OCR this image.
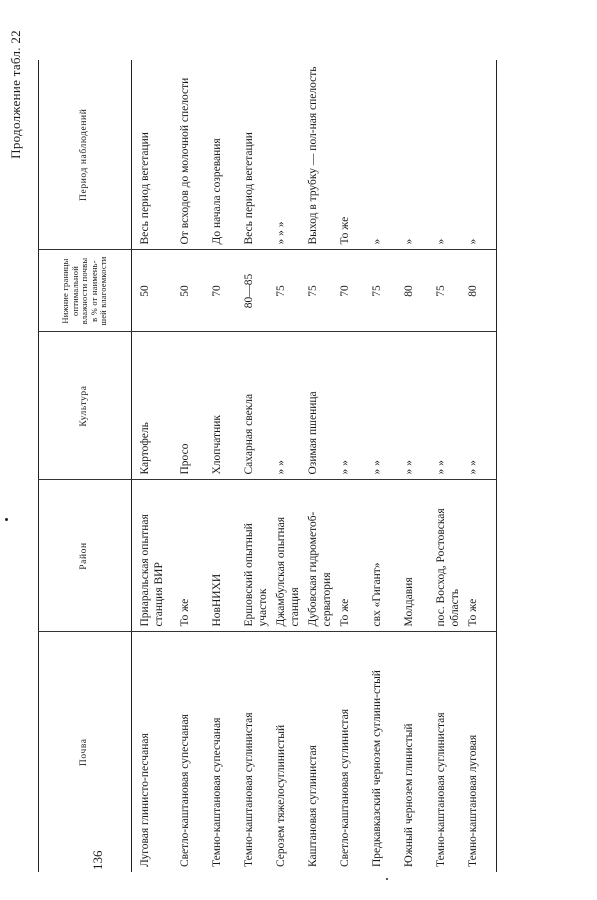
Продолжение табл. 22
136
Почва	Район	Культура	Нижние границы оптимальной влажности почвы в % от наимень-шей влагоемкости	Период наблюдений
Луговая глинисто-песчаная	Приаральская опытная станция ВИР	Картофель	50	Весь период вегетации
Светло-каштановая супесчаная	То же	Просо	50	От всходов до молочной спелости
Темно-каштановая супесчаная	НовНИХИ	Хлопчатник	70	До начала созревания
Темно-каштановая суглинистая	Ершовский опытный участок	Сахарная свекла	80—85	Весь период вегетации
Серозем тяжелосуглинистый	Джамбулская опытная станция	» »	75	» » »
Каштановая суглинистая	Дубовская гидрометоб-серватория	Озимая пшеница	75	Выход в трубку — пол-ная спелость
Светло-каштановая суглинистая	То же	» »	70	То же
Предкавказский чернозем суглини-стый	свх «Гигант»	» »	75	»
Южный чернозем глинистый	Молдавия	» »	80	»
Темно-каштановая суглинистая	пос. Восход, Ростовская область	» »	75	»
Темно-каштановая луговая	То же	» »	80	»
